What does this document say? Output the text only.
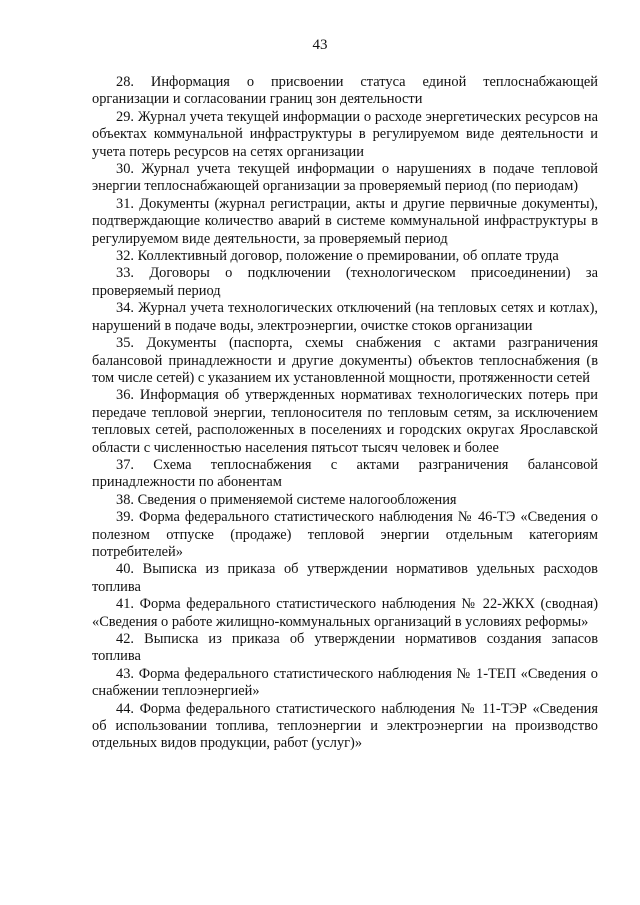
43

28. Информация о присвоении статуса единой теплоснабжающей организации и согласовании границ зон деятельности

29. Журнал учета текущей информации о расходе энергетических ресурсов на объектах коммунальной инфраструктуры в регулируемом виде деятельности и учета потерь ресурсов на сетях организации

30. Журнал учета текущей информации о нарушениях в подаче тепловой энергии теплоснабжающей организации за проверяемый период (по периодам)

31. Документы (журнал регистрации, акты и другие первичные документы), подтверждающие количество аварий в системе коммунальной инфраструктуры в регулируемом виде деятельности, за проверяемый период

32. Коллективный договор, положение о премировании, об оплате труда

33. Договоры о подключении (технологическом присоединении) за проверяемый период

34. Журнал учета технологических отключений (на тепловых сетях и котлах), нарушений в подаче воды, электроэнергии, очистке стоков организации

35. Документы (паспорта, схемы снабжения с актами разграничения балансовой принадлежности и другие документы) объектов теплоснабжения (в том числе сетей) с указанием их установленной мощности, протяженности сетей

36. Информация об утвержденных нормативах технологических потерь при передаче тепловой энергии, теплоносителя по тепловым сетям, за исключением тепловых сетей, расположенных в поселениях и городских округах Ярославской области с численностью населения пятьсот тысяч человек и более

37. Схема теплоснабжения с актами разграничения балансовой принадлежности по абонентам

38. Сведения о применяемой системе налогообложения

39. Форма федерального статистического наблюдения № 46-ТЭ «Сведения о полезном отпуске (продаже) тепловой энергии отдельным категориям потребителей»

40. Выписка из приказа об утверждении нормативов удельных расходов топлива

41. Форма федерального статистического наблюдения № 22-ЖКХ (сводная) «Сведения о работе жилищно-коммунальных организаций в условиях реформы»

42. Выписка из приказа об утверждении нормативов создания запасов топлива

43. Форма федерального статистического наблюдения № 1-ТЕП «Сведения о снабжении теплоэнергией»

44. Форма федерального статистического наблюдения № 11-ТЭР «Сведения об использовании топлива, теплоэнергии и электроэнергии на производство отдельных видов продукции, работ (услуг)»
